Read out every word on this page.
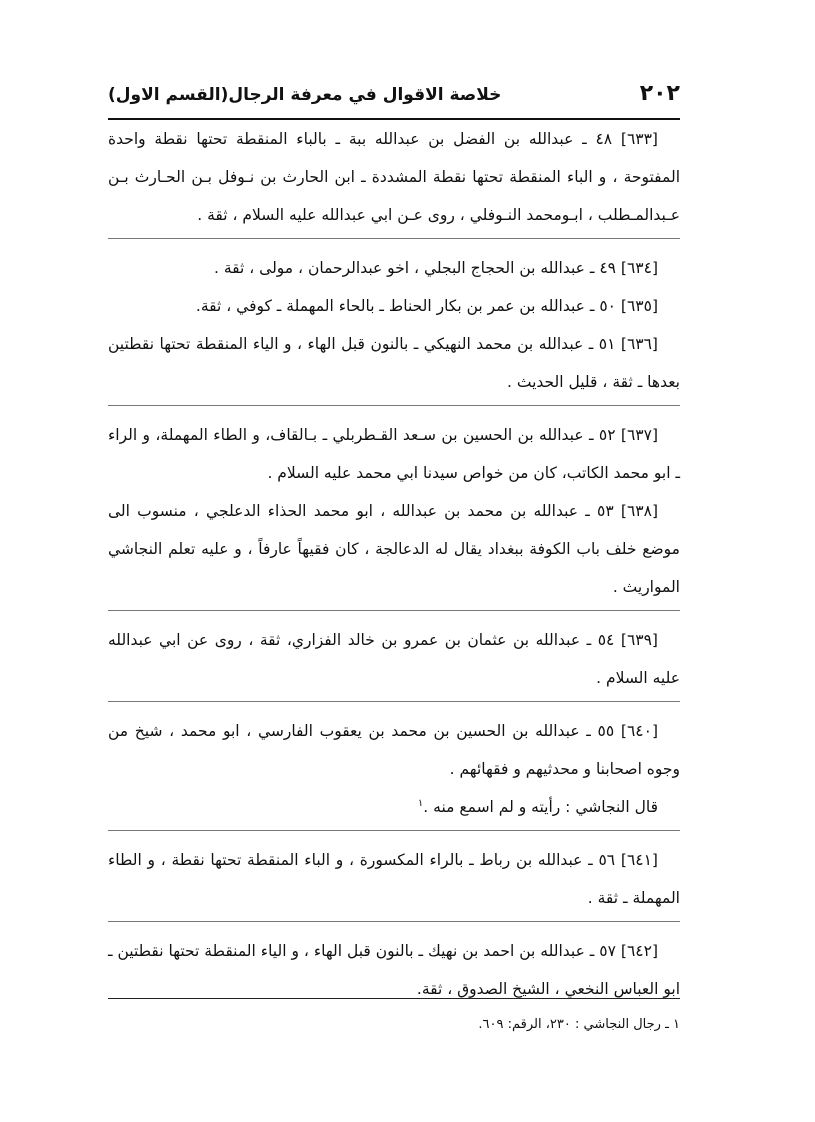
٢٠٢
خلاصة الاقوال في معرفة الرجال(القسم الاول)

[٦٣٣] ٤٨ ـ عبدالله بن الفضل بن عبدالله ببة ـ بالباء المنقطة تحتها نقطة واحدة المفتوحة ، و الباء المنقطة تحتها نقطة المشددة ـ ابن الحارث بن نـوفل بـن الحـارث بـن عـبدالمـطلب ، ابـومحمد النـوفلي ، روى عـن ابي عبدالله عليه السلام ، ثقة .

[٦٣٤] ٤٩ ـ عبدالله بن الحجاج البجلي ، اخو عبدالرحمان ، مولى ، ثقة .

[٦٣٥] ٥٠ ـ عبدالله بن عمر بن بكار الحناط ـ بالحاء المهملة ـ كوفي ، ثقة.

[٦٣٦] ٥١ ـ عبدالله بن محمد النهيكي ـ بالنون قبل الهاء ، و الياء المنقطة تحتها نقطتين بعدها ـ ثقة ، قليل الحديث .

[٦٣٧] ٥٢ ـ عبدالله بن الحسين بن سـعد القـطربلي ـ بـالقاف، و الطاء المهملة، و الراء ـ ابو محمد الكاتب، كان من خواص سيدنا ابي محمد عليه السلام .

[٦٣٨] ٥٣ ـ عبدالله بن محمد بن عبدالله ، ابو محمد الحذاء الدعلجي ، منسوب الى موضع خلف باب الكوفة ببغداد يقال له الدعالجة ، كان فقيهاً عارفاً ، و عليه تعلم النجاشي المواريث .

[٦٣٩] ٥٤ ـ عبدالله بن عثمان بن عمرو بن خالد الفزاري، ثقة ، روى عن ابي عبدالله عليه السلام .

[٦٤٠] ٥٥ ـ عبدالله بن الحسين بن محمد بن يعقوب الفارسي ، ابو محمد ، شيخ من وجوه اصحابنا و محدثيهم و فقهائهم .

قال النجاشي : رأيته و لم اسمع منه .$^١$

[٦٤١] ٥٦ ـ عبدالله بن رباط ـ بالراء المكسورة ، و الباء المنقطة تحتها نقطة ، و الطاء المهملة ـ ثقة .

[٦٤٢] ٥٧ ـ عبدالله بن احمد بن نهيك ـ بالنون قبل الهاء ، و الياء المنقطة تحتها نقطتين ـ ابو العباس النخعي ، الشيخ الصدوق ، ثقة.

١ ـ رجال النجاشي : ٢٣٠، الرقم: ٦٠٩.
